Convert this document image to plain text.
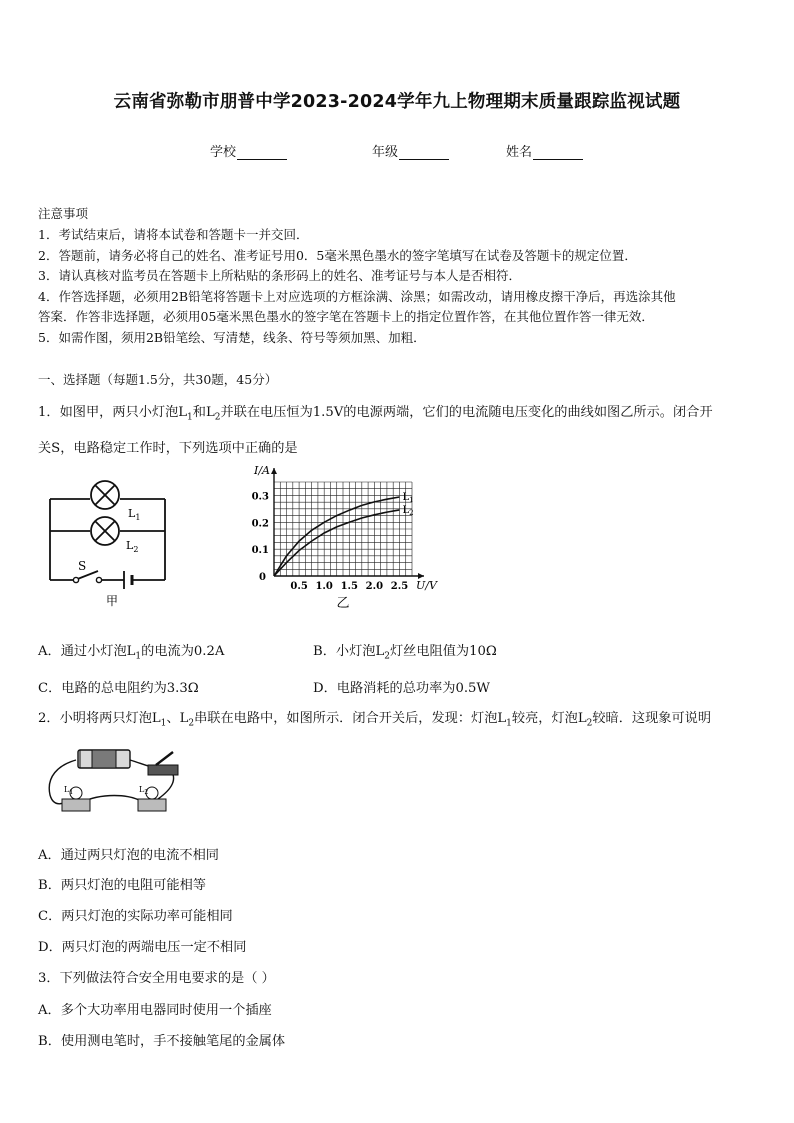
云南省弥勒市朋普中学2023-2024学年九上物理期末质量跟踪监视试题
学校	年级	姓名
注意事项
1．考试结束后，请将本试卷和答题卡一并交回．
2．答题前，请务必将自己的姓名、准考证号用0．5毫米黑色墨水的签字笔填写在试卷及答题卡的规定位置．
3．请认真核对监考员在答题卡上所粘贴的条形码上的姓名、准考证号与本人是否相符．
4．作答选择题，必须用2B铅笔将答题卡上对应选项的方框涂满、涂黑；如需改动，请用橡皮擦干净后，再选涂其他
答案．作答非选择题，必须用05毫米黑色墨水的签字笔在答题卡上的指定位置作答，在其他位置作答一律无效．
5．如需作图，须用2B铅笔绘、写清楚，线条、符号等须加黑、加粗．
一、选择题（每题1.5分，共30题，45分）
1．如图甲，两只小灯泡$L_1$和$L_2$并联在电压恒为1.5V的电源两端，它们的电流随电压变化的曲线如图乙所示。闭合开
关S，电路稳定工作时，下列选项中正确的是
$L_1$
$L_2$
S
甲
$L_1$
$L_2$
0.5 1.0 1.5 2.0 2.5
0.1
0.2
0.3
0
I/A
U/V
乙
A．通过小灯泡$L_1$的电流为0.2A	B．小灯泡$L_2$灯丝电阻值为10Ω
C．电路的总电阻约为3.3Ω	D．电路消耗的总功率为0.5W
2．小明将两只灯泡$L_1$、$L_2$串联在电路中，如图所示．闭合开关后，发现：灯泡$L_1$较亮，灯泡$L_2$较暗．这现象可说明
$L_1$	$L_2$
A．通过两只灯泡的电流不相同
B．两只灯泡的电阻可能相等
C．两只灯泡的实际功率可能相同
D．两只灯泡的两端电压一定不相同
3．下列做法符合安全用电要求的是（ ）
A．多个大功率用电器同时使用一个插座
B．使用测电笔时，手不接触笔尾的金属体
